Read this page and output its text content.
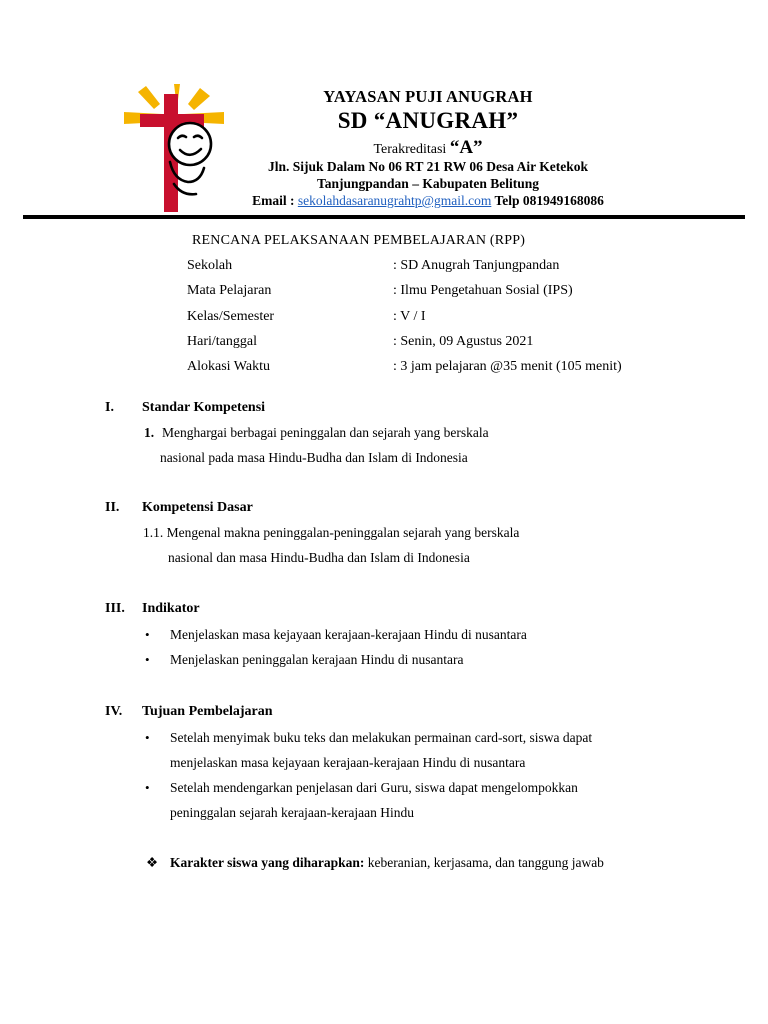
YAYASAN PUJI ANUGRAH
SD “ANUGRAH”
Terakreditasi “A”
Jln. Sijuk Dalam No 06 RT 21 RW 06 Desa Air Ketekok
Tanjungpandan – Kabupaten Belitung
Email : sekolahdasaranugrahtp@gmail.com Telp 081949168086
RENCANA PELAKSANAAN PEMBELAJARAN (RPP)
Sekolah	: SD Anugrah Tanjungpandan
Mata Pelajaran	: Ilmu Pengetahuan Sosial (IPS)
Kelas/Semester	: V / I
Hari/tanggal	: Senin, 09 Agustus 2021
Alokasi Waktu	: 3 jam pelajaran @35 menit (105 menit)
I. Standar Kompetensi
1. Menghargai berbagai peninggalan dan sejarah yang berskala
nasional pada masa Hindu-Budha dan Islam di Indonesia
II. Kompetensi Dasar
1.1. Mengenal makna peninggalan-peninggalan sejarah yang berskala
nasional dan masa Hindu-Budha dan Islam di Indonesia
III. Indikator
• Menjelaskan masa kejayaan kerajaan-kerajaan Hindu di nusantara
• Menjelaskan peninggalan kerajaan Hindu di nusantara
IV. Tujuan Pembelajaran
• Setelah menyimak buku teks dan melakukan permainan card-sort, siswa dapat
menjelaskan masa kejayaan kerajaan-kerajaan Hindu di nusantara
• Setelah mendengarkan penjelasan dari Guru, siswa dapat mengelompokkan
peninggalan sejarah kerajaan-kerajaan Hindu
❖ Karakter siswa yang diharapkan: keberanian, kerjasama, dan tanggung jawab
